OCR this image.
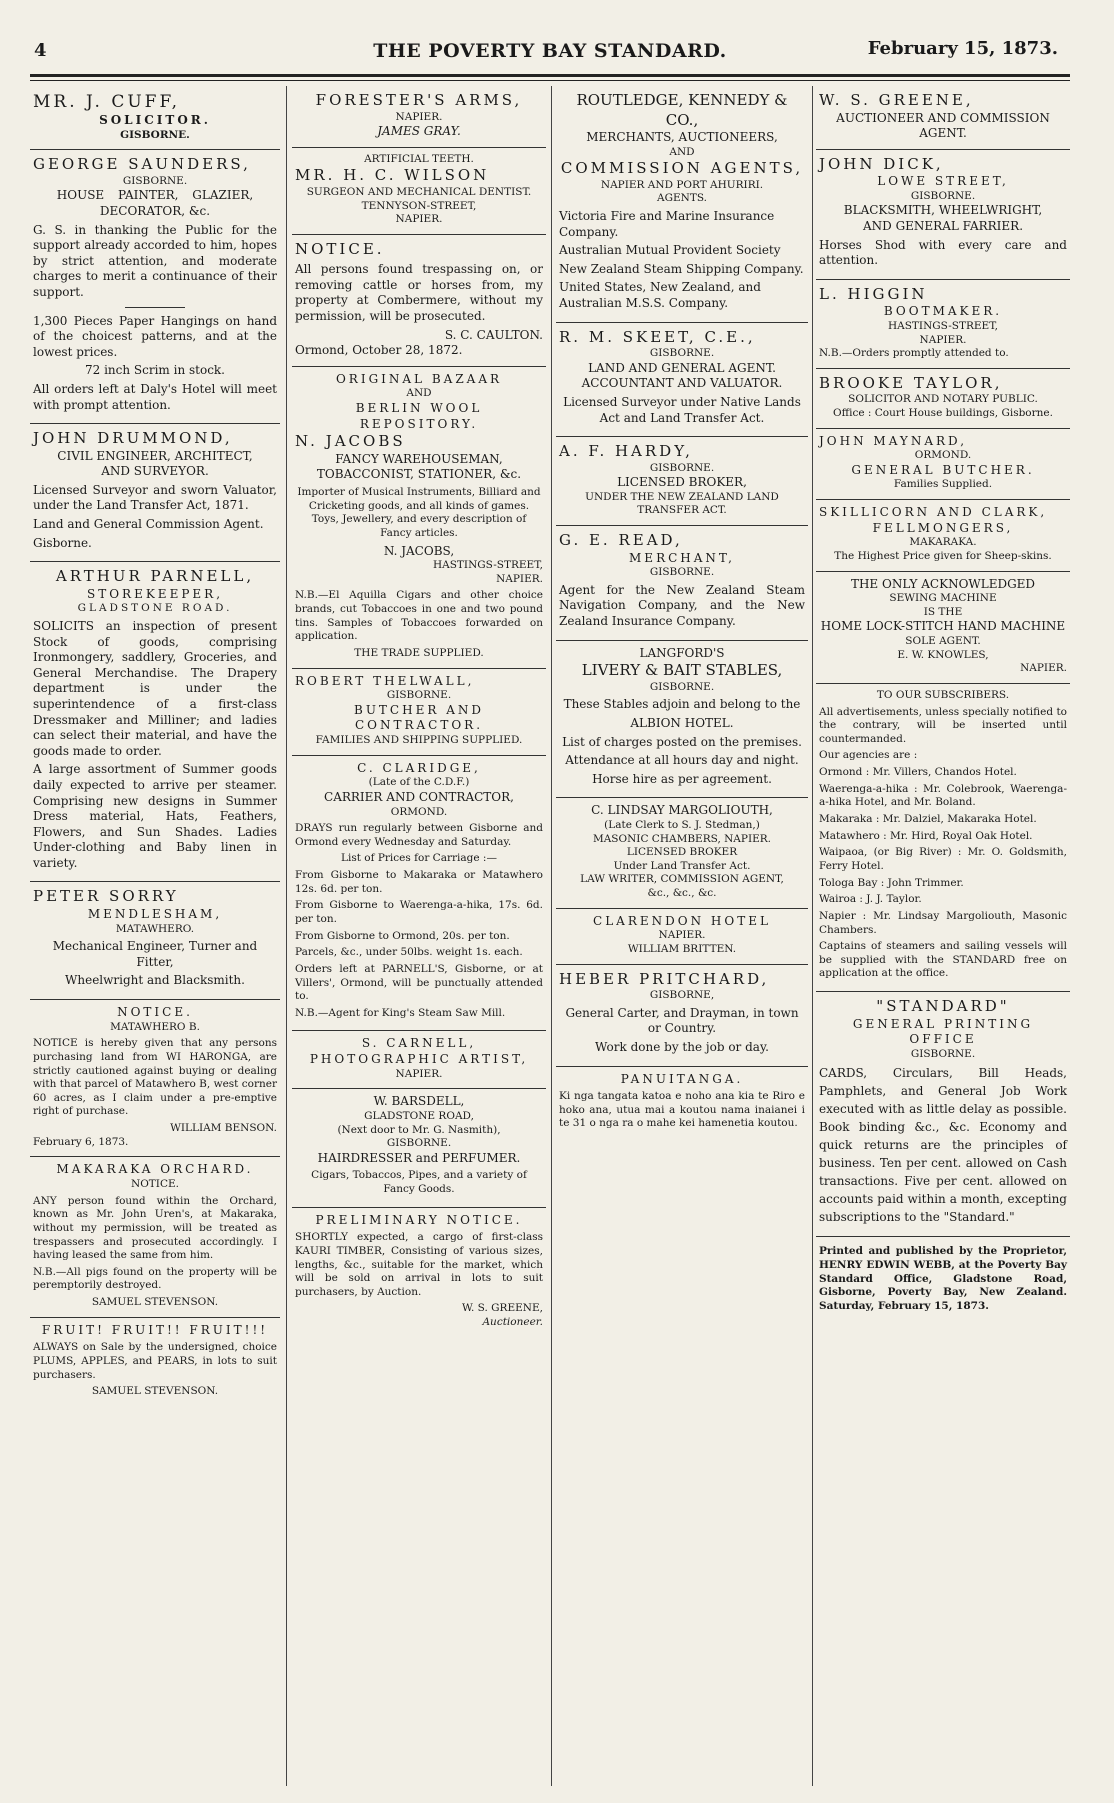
4	THE POVERTY BAY STANDARD.	February 15, 1873.
MR. J. CUFF,
SOLICITOR.
GISBORNE.
GEORGE SAUNDERS,
GISBORNE.
HOUSE PAINTER, GLAZIER,
DECORATOR, &c.

G. S. in thanking the Public for the support already accorded to him, hopes by strict attention, and moderate charges to merit a continuance of their support.

1,300 Pieces Paper Hangings on hand of the choicest patterns, and at the lowest prices.

72 inch Scrim in stock.

All orders left at Daly's Hotel will meet with prompt attention.

JOHN DRUMMOND,
CIVIL ENGINEER, ARCHITECT,
AND SURVEYOR.

Licensed Surveyor and sworn Valuator, under the Land Transfer Act, 1871.

Land and General Commission Agent.

Gisborne.

ARTHUR PARNELL,
STOREKEEPER,
GLADSTONE ROAD.

SOLICITS an inspection of present Stock of goods, comprising Ironmongery, saddlery, Groceries, and General Merchandise. The Drapery department is under the superintendence of a first-class Dressmaker and Milliner; and ladies can select their material, and have the goods made to order.

A large assortment of Summer goods daily expected to arrive per steamer. Comprising new designs in Summer Dress material, Hats, Feathers, Flowers, and Sun Shades. Ladies Under-clothing and Baby linen in variety.

PETER SORRY
MENDLESHAM,
MATAWHERO.

Mechanical Engineer, Turner and Fitter,

Wheelwright and Blacksmith.

NOTICE.
MATAWHERO B.

NOTICE is hereby given that any persons purchasing land from WI HARONGA, are strictly cautioned against buying or dealing with that parcel of Matawhero B, west corner 60 acres, as I claim under a pre-emptive right of purchase.

WILLIAM BENSON.
February 6, 1873.
MAKARAKA ORCHARD.
NOTICE.

ANY person found within the Orchard, known as Mr. John Uren's, at Makaraka, without my permission, will be treated as trespassers and prosecuted accordingly. I having leased the same from him.

N.B.—All pigs found on the property will be peremptorily destroyed.

SAMUEL STEVENSON.
FRUIT! FRUIT!! FRUIT!!!

ALWAYS on Sale by the undersigned, choice PLUMS, APPLES, and PEARS, in lots to suit purchasers.

SAMUEL STEVENSON.
FORESTER'S ARMS,
NAPIER.
JAMES GRAY.
ARTIFICIAL TEETH.
MR. H. C. WILSON
SURGEON AND MECHANICAL DENTIST.
TENNYSON-STREET,
NAPIER.
NOTICE.

All persons found trespassing on, or removing cattle or horses from, my property at Combermere, without my permission, will be prosecuted.

S. C. CAULTON.
Ormond, October 28, 1872.
ORIGINAL BAZAAR
AND
BERLIN WOOL REPOSITORY.
N. JACOBS
FANCY WAREHOUSEMAN,
TOBACCONIST, STATIONER, &c.

Importer of Musical Instruments, Billiard and Cricketing goods, and all kinds of games. Toys, Jewellery, and every description of Fancy articles.

N. JACOBS,
HASTINGS-STREET,
NAPIER.

N.B.—El Aquilla Cigars and other choice brands, cut Tobaccoes in one and two pound tins. Samples of Tobaccoes forwarded on application.

THE TRADE SUPPLIED.
ROBERT THELWALL,
GISBORNE.
BUTCHER AND CONTRACTOR.
FAMILIES AND SHIPPING SUPPLIED.
C. CLARIDGE,
(Late of the C.D.F.)
CARRIER AND CONTRACTOR,
ORMOND.

DRAYS run regularly between Gisborne and Ormond every Wednesday and Saturday.

List of Prices for Carriage :—

From Gisborne to Makaraka or Matawhero 12s. 6d. per ton.

From Gisborne to Waerenga-a-hika, 17s. 6d. per ton.

From Gisborne to Ormond, 20s. per ton.

Parcels, &c., under 50lbs. weight 1s. each.

Orders left at PARNELL'S, Gisborne, or at Villers', Ormond, will be punctually attended to.

N.B.—Agent for King's Steam Saw Mill.

S. CARNELL,
PHOTOGRAPHIC ARTIST,
NAPIER.
W. BARSDELL,
GLADSTONE ROAD,
(Next door to Mr. G. Nasmith),
GISBORNE.
HAIRDRESSER and PERFUMER.

Cigars, Tobaccos, Pipes, and a variety of Fancy Goods.

PRELIMINARY NOTICE.

SHORTLY expected, a cargo of first-class KAURI TIMBER, Consisting of various sizes, lengths, &c., suitable for the market, which will be sold on arrival in lots to suit purchasers, by Auction.

W. S. GREENE,
Auctioneer.
ROUTLEDGE, KENNEDY & CO.,
MERCHANTS, AUCTIONEERS,
AND
COMMISSION AGENTS,
NAPIER AND PORT AHURIRI.
AGENTS.

Victoria Fire and Marine Insurance Company.

Australian Mutual Provident Society

New Zealand Steam Shipping Company.

United States, New Zealand, and Australian M.S.S. Company.

R. M. SKEET, C.E.,
GISBORNE.
LAND AND GENERAL AGENT.
ACCOUNTANT AND VALUATOR.

Licensed Surveyor under Native Lands Act and Land Transfer Act.

A. F. HARDY,
GISBORNE.
LICENSED BROKER,
UNDER THE NEW ZEALAND LAND TRANSFER ACT.
G. E. READ,
MERCHANT,
GISBORNE.

Agent for the New Zealand Steam Navigation Company, and the New Zealand Insurance Company.

LANGFORD'S
LIVERY & BAIT STABLES,
GISBORNE.

These Stables adjoin and belong to the

ALBION HOTEL.

List of charges posted on the premises.

Attendance at all hours day and night.

Horse hire as per agreement.

C. LINDSAY MARGOLIOUTH,
(Late Clerk to S. J. Stedman,)
MASONIC CHAMBERS, NAPIER.
LICENSED BROKER
Under Land Transfer Act.
LAW WRITER, COMMISSION AGENT,
&c., &c., &c.
CLARENDON HOTEL
NAPIER.
WILLIAM BRITTEN.
HEBER PRITCHARD,
GISBORNE,

General Carter, and Drayman, in town or Country.

Work done by the job or day.

PANUITANGA.

Ki nga tangata katoa e noho ana kia te Riro e hoko ana, utua mai a koutou nama inaianei i te 31 o nga ra o mahe kei hamenetia koutou.

W. S. GREENE,
AUCTIONEER AND COMMISSION
AGENT.
JOHN DICK,
LOWE STREET,
GISBORNE.
BLACKSMITH, WHEELWRIGHT,
AND GENERAL FARRIER.

Horses Shod with every care and attention.

L. HIGGIN
BOOTMAKER.
HASTINGS-STREET,
NAPIER.
N.B.—Orders promptly attended to.
BROOKE TAYLOR,
SOLICITOR AND NOTARY PUBLIC.
Office : Court House buildings, Gisborne.
JOHN MAYNARD,
ORMOND.
GENERAL BUTCHER.
Families Supplied.
SKILLICORN AND CLARK,
FELLMONGERS,
MAKARAKA.
The Highest Price given for Sheep-skins.
THE ONLY ACKNOWLEDGED
SEWING MACHINE
IS THE
HOME LOCK-STITCH HAND MACHINE
SOLE AGENT.
E. W. KNOWLES,
NAPIER.
TO OUR SUBSCRIBERS.

All advertisements, unless specially notified to the contrary, will be inserted until countermanded.

Our agencies are :

Ormond : Mr. Villers, Chandos Hotel.

Waerenga-a-hika : Mr. Colebrook, Waerenga-a-hika Hotel, and Mr. Boland.

Makaraka : Mr. Dalziel, Makaraka Hotel.

Matawhero : Mr. Hird, Royal Oak Hotel.

Waipaoa, (or Big River) : Mr. O. Goldsmith, Ferry Hotel.

Tologa Bay : John Trimmer.

Wairoa : J. J. Taylor.

Napier : Mr. Lindsay Margoliouth, Masonic Chambers.

Captains of steamers and sailing vessels will be supplied with the STANDARD free on application at the office.

"STANDARD"
GENERAL PRINTING OFFICE
GISBORNE.

CARDS, Circulars, Bill Heads, Pamphlets, and General Job Work executed with as little delay as possible. Book binding &c., &c. Economy and quick returns are the principles of business. Ten per cent. allowed on Cash transactions. Five per cent. allowed on accounts paid within a month, excepting subscriptions to the "Standard."

Printed and published by the Proprietor, HENRY EDWIN WEBB, at the Poverty Bay Standard Office, Gladstone Road, Gisborne, Poverty Bay, New Zealand. Saturday, February 15, 1873.
